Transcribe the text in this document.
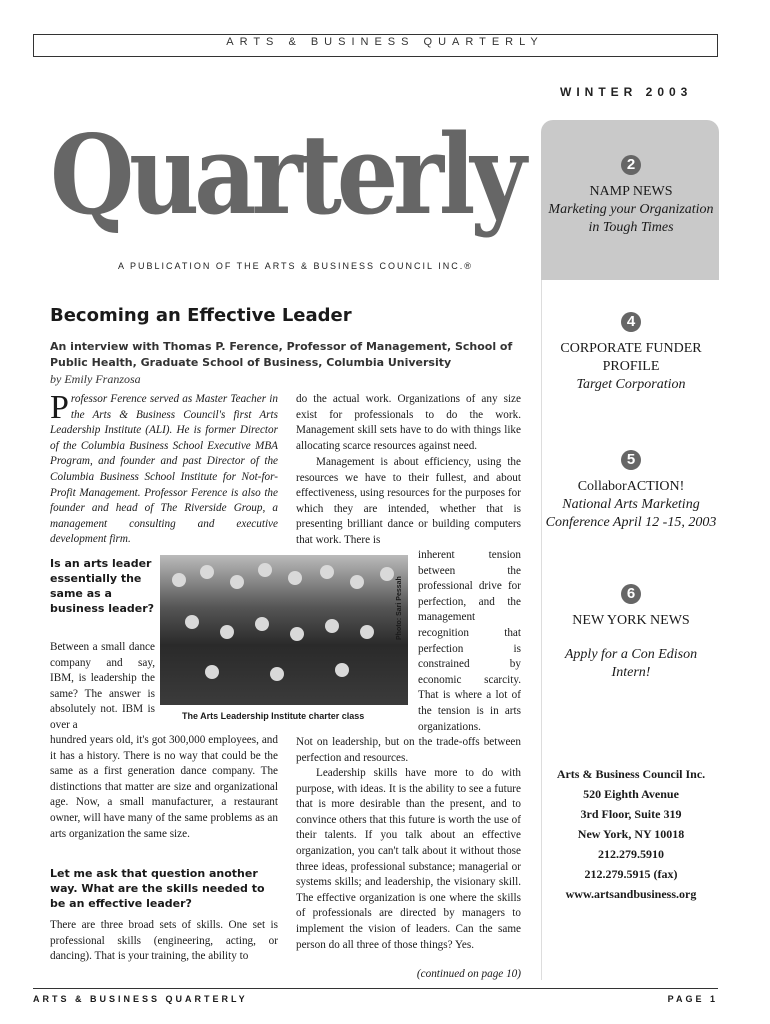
ARTS & BUSINESS QUARTERLY
WINTER 2003
Quarterly
A PUBLICATION OF THE ARTS & BUSINESS COUNCIL INC.®
2
NAMP NEWS
Marketing your Organization in Tough Times
4
CORPORATE FUNDER PROFILE
Target Corporation
5
CollaborACTION!
National Arts Marketing Conference April 12 -15, 2003
6
NEW YORK NEWS
Apply for a Con Edison Intern!
Arts & Business Council Inc.
520 Eighth Avenue
3rd Floor, Suite 319
New York, NY 10018
212.279.5910
212.279.5915 (fax)
www.artsandbusiness.org
Becoming an Effective Leader

An interview with Thomas P. Ference, Professor of Management, School of Public Health, Graduate School of Business, Columbia University

by Emily Franzosa
Professor Ference served as Master Teacher in the Arts & Business Council's first Arts Leadership Institute (ALI). He is former Director of the Columbia Business School Executive MBA Program, and founder and past Director of the Columbia Business School Institute for Not-for-Profit Management. Professor Ference is also the founder and head of The Riverside Group, a management consulting and executive development firm.

do the actual work. Organizations of any size exist for professionals to do the work. Management skill sets have to do with things like allocating scarce resources against need.

Is an arts leader essentially the same as a business leader?	Photo: Sari Pessah
The Arts Leadership Institute charter class

Between a small dance company and say, IBM, is leadership the same? The answer is absolutely not. IBM is over a

hundred years old, it's got 300,000 employees, and it has a history. There is no way that could be the same as a first generation dance company. The distinctions that matter are size and organizational age. Now, a small manufacturer, a restaurant owner, will have many of the same problems as an arts organization the same size.

Let me ask that question another way. What are the skills needed to be an effective leader?
There are three broad sets of skills. One set is professional skills (engineering, acting, or dancing). That is your training, the ability to
Management is about efficiency, using the resources we have to their fullest, and about effectiveness, using resources for the purposes for which they are intended, whether that is presenting brilliant dance or building computers that work. There is
inherent tension between the professional drive for perfection, and the management recognition that perfection is constrained by economic scarcity. That is where a lot of the tension is in arts organizations.
Not on leadership, but on the trade-offs between perfection and resources.
Leadership skills have more to do with purpose, with ideas. It is the ability to see a future that is more desirable than the present, and to convince others that this future is worth the use of their talents. If you talk about an effective organization, you can't talk about it without those three ideas, professional substance; managerial or systems skills; and leadership, the visionary skill. The effective organization is one where the skills of professionals are directed by managers to implement the vision of leaders. Can the same person do all three of those things? Yes.
(continued on page 10)
ARTS & BUSINESS QUARTERLY	PAGE 1
